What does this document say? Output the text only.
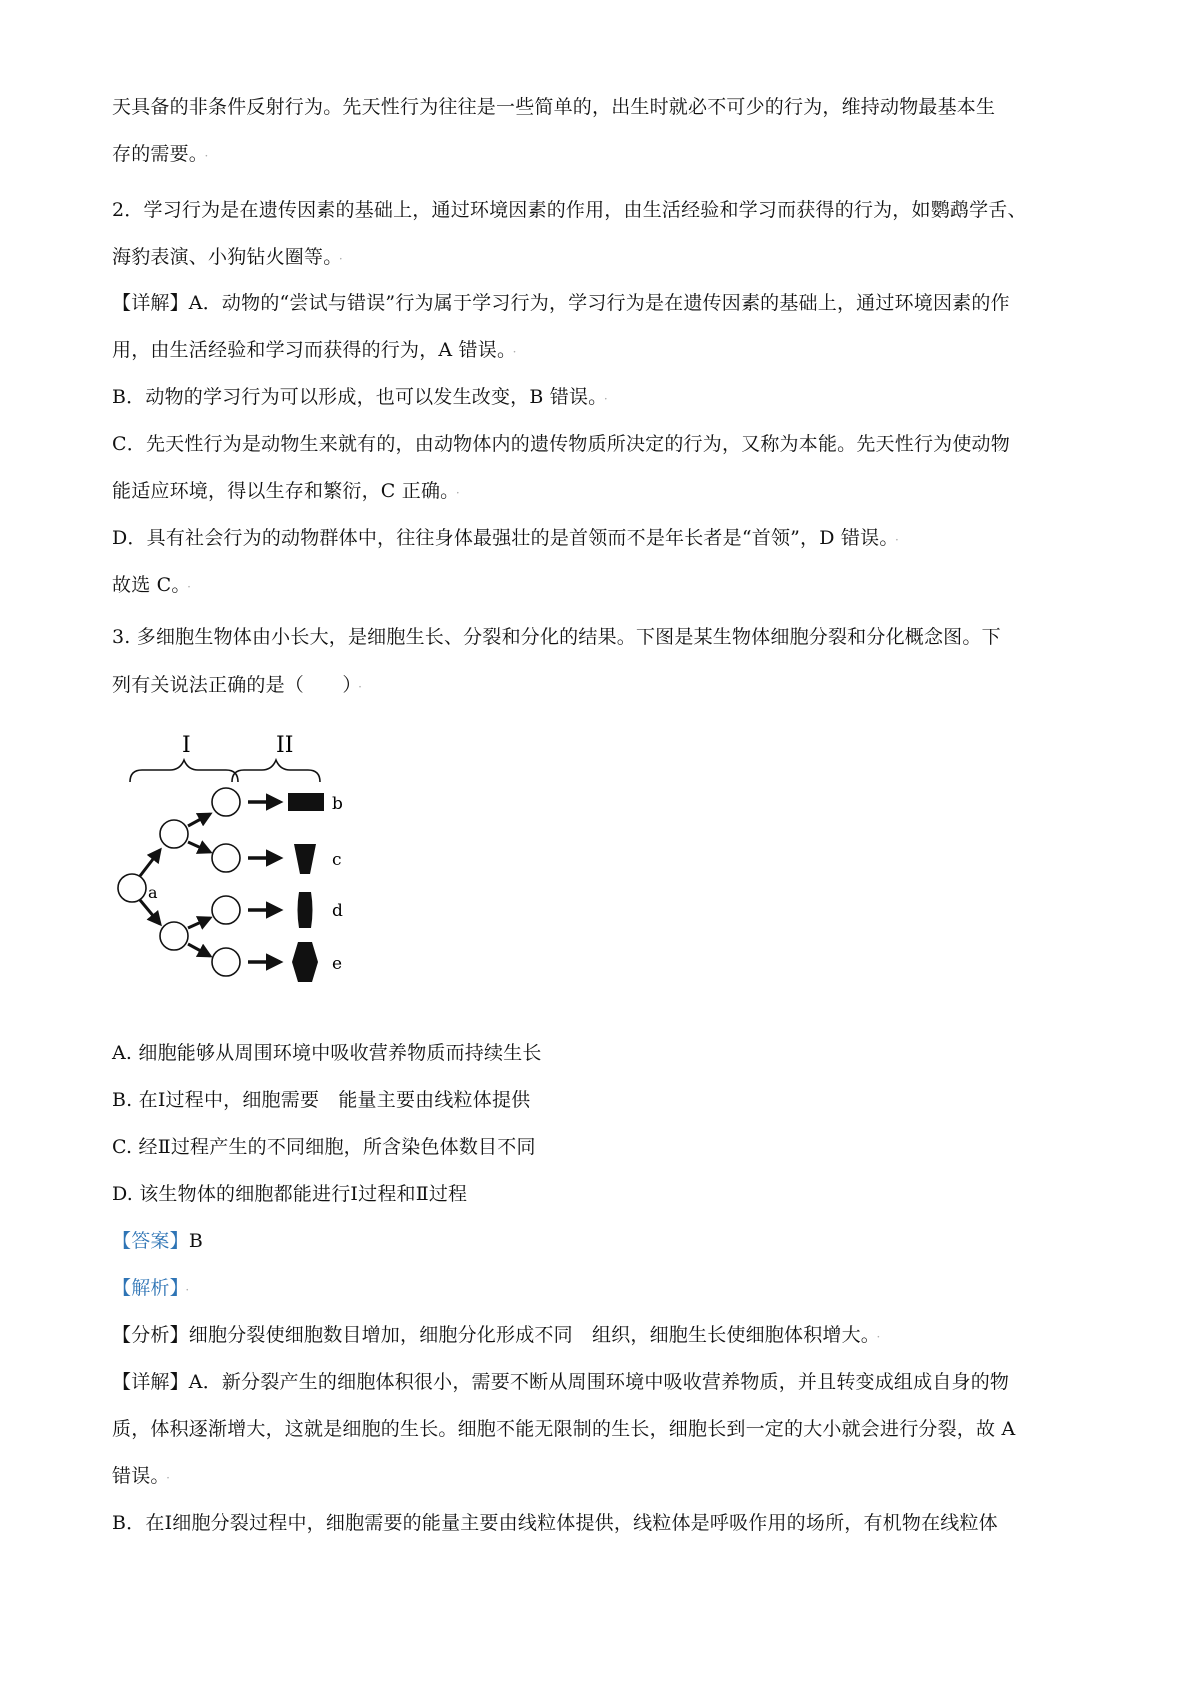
天具备的非条件反射行为。先天性行为往往是一些简单的，出生时就必不可少的行为，维持动物最基本生
存的需要。 ·
2．学习行为是在遗传因素的基础上，通过环境因素的作用，由生活经验和学习而获得的行为，如鹦鹉学舌、
海豹表演、小狗钻火圈等。 ·
【详解】A．动物的“尝试与错误”行为属于学习行为，学习行为是在遗传因素的基础上，通过环境因素的作
用，由生活经验和学习而获得的行为，A 错误。 ·
B．动物的学习行为可以形成，也可以发生改变，B 错误。 ·
C．先天性行为是动物生来就有的，由动物体内的遗传物质所决定的行为，又称为本能。先天性行为使动物
能适应环境，得以生存和繁衍，C 正确。 ·
D．具有社会行为的动物群体中，往往身体最强壮的是首领而不是年长者是“首领”，D 错误。 ·
故选 C。 ·
3. 多细胞生物体由小长大，是细胞生长、分裂和分化的结果。下图是某生物体细胞分裂和分化概念图。下
列有关说法正确的是（　　） ·
I	II
a
b
c
d
e
A. 细胞能够从周围环境中吸收营养物质而持续生长
B. 在Ⅰ过程中，细胞需要　能量主要由线粒体提供
C. 经Ⅱ过程产生的不同细胞，所含染色体数目不同
D. 该生物体的细胞都能进行Ⅰ过程和Ⅱ过程
【答案】B
【解析】 ·
【分析】细胞分裂使细胞数目增加，细胞分化形成不同　组织，细胞生长使细胞体积增大。 ·
【详解】A．新分裂产生的细胞体积很小，需要不断从周围环境中吸收营养物质，并且转变成组成自身的物
质，体积逐渐增大，这就是细胞的生长。细胞不能无限制的生长，细胞长到一定的大小就会进行分裂，故 A
错误。 ·
B．在Ⅰ细胞分裂过程中，细胞需要的能量主要由线粒体提供，线粒体是呼吸作用的场所，有机物在线粒体
